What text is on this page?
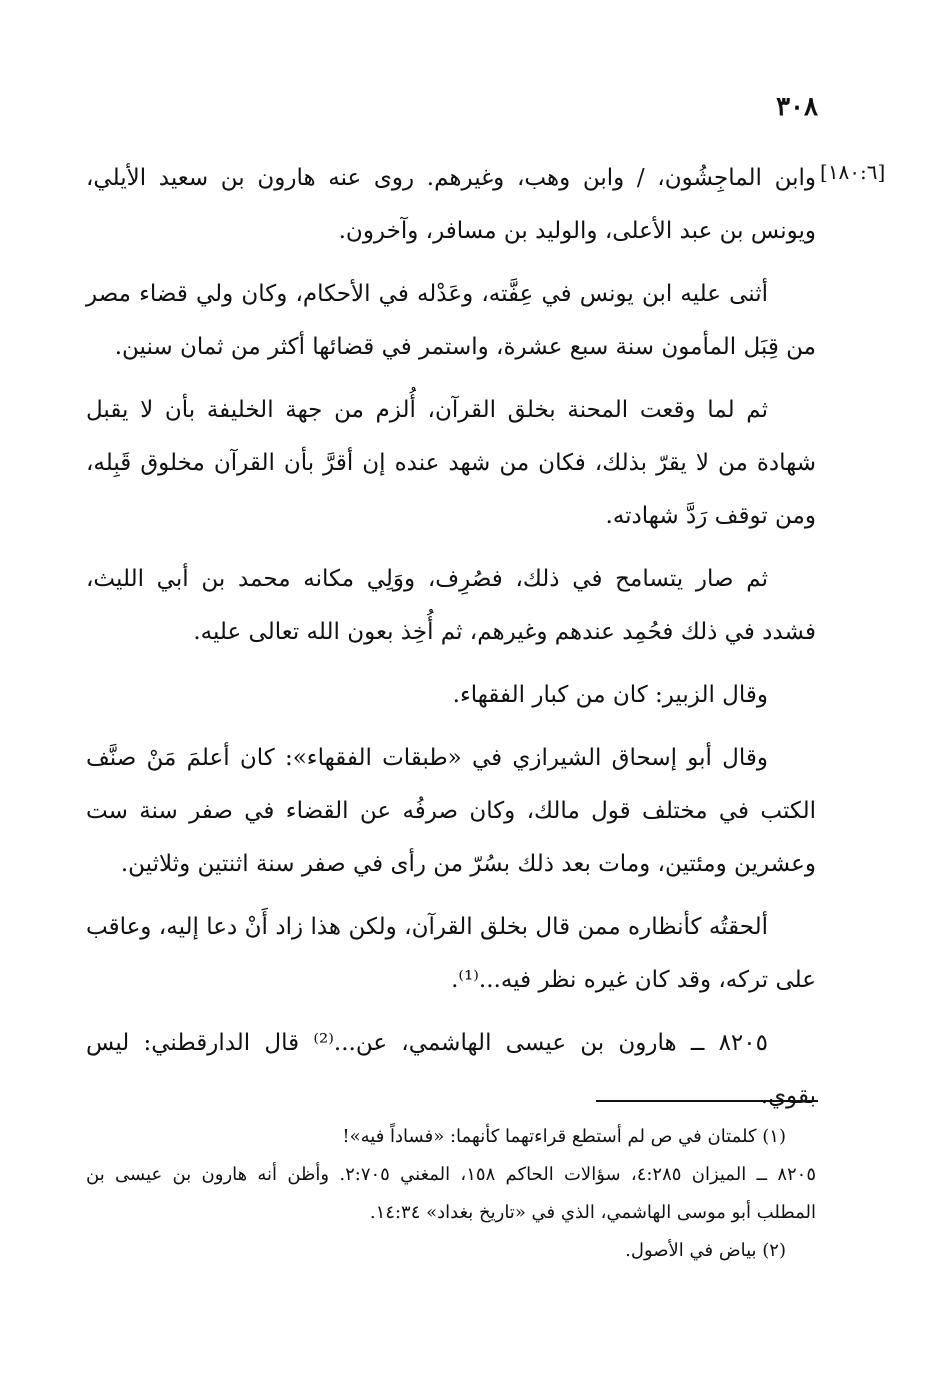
٣٠٨
[١٨٠:٦]

وابن الماجِشُون، / وابن وهب، وغيرهم. روى عنه هارون بن سعيد الأيلي، ويونس بن عبد الأعلى، والوليد بن مسافر، وآخرون.

أثنى عليه ابن يونس في عِفَّته، وعَدْله في الأحكام، وكان ولي قضاء مصر من قِبَل المأمون سنة سبع عشرة، واستمر في قضائها أكثر من ثمان سنين.

ثم لما وقعت المحنة بخلق القرآن، أُلزم من جهة الخليفة بأن لا يقبل شهادة من لا يقرّ بذلك، فكان من شهد عنده إن أقرَّ بأن القرآن مخلوق قَبِله، ومن توقف رَدَّ شهادته.

ثم صار يتسامح في ذلك، فصُرِف، ووَلِي مكانه محمد بن أبي الليث، فشدد في ذلك فحُمِد عندهم وغيرهم، ثم أُخِذ بعون الله تعالى عليه.

وقال الزبير: كان من كبار الفقهاء.

وقال أبو إسحاق الشيرازي في «طبقات الفقهاء»: كان أعلمَ مَنْ صنَّف الكتب في مختلف قول مالك، وكان صرفُه عن القضاء في صفر سنة ست وعشرين ومئتين، ومات بعد ذلك بسُرّ من رأى في صفر سنة اثنتين وثلاثين.

ألحقتُه كأنظاره ممن قال بخلق القرآن، ولكن هذا زاد أَنْ دعا إليه، وعاقب على تركه، وقد كان غيره نظر فيه...⁽¹⁾.

٨٢٠٥ ــ هارون بن عيسى الهاشمي، عن...⁽²⁾ قال الدارقطني: ليس بقوي.

(١) كلمتان في ص لم أستطع قراءتهما كأنهما: «فساداً فيه»!

٨٢٠٥ ــ الميزان ٤:٢٨٥، سؤالات الحاكم ١٥٨، المغني ٢:٧٠٥. وأظن أنه هارون بن عيسى بن المطلب أبو موسى الهاشمي، الذي في «تاريخ بغداد» ١٤:٣٤.

(٢) بياض في الأصول.
